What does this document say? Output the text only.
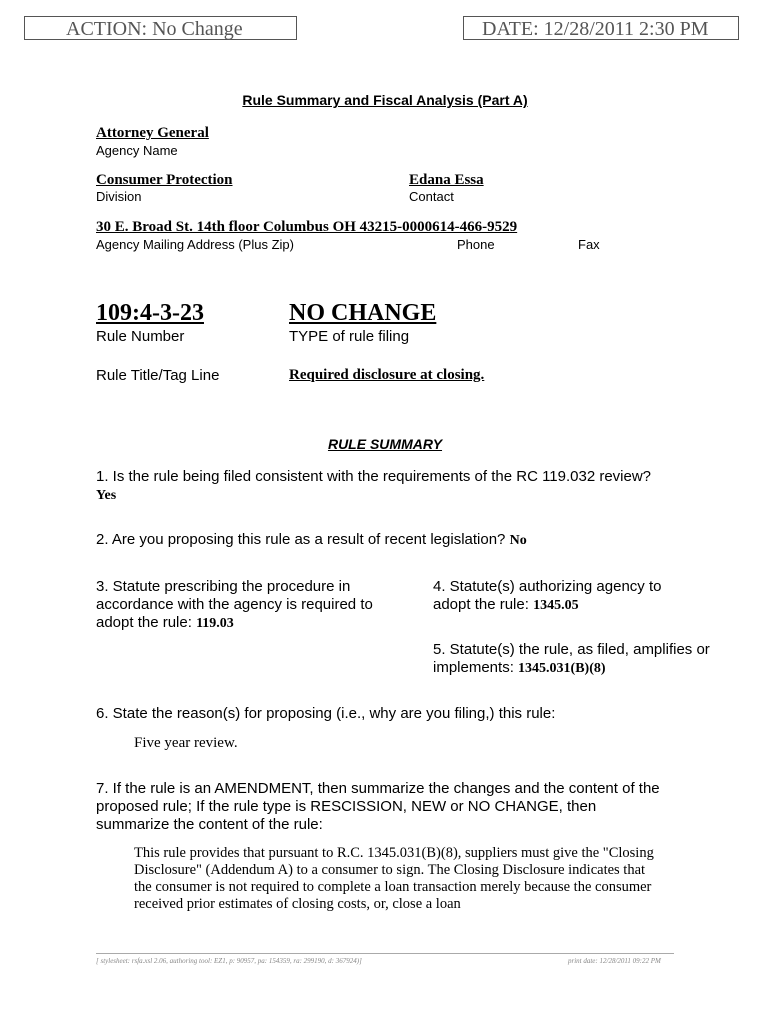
ACTION: No Change	DATE: 12/28/2011 2:30 PM
Rule Summary and Fiscal Analysis (Part A)
Attorney General
Agency Name
Consumer Protection
Division
Edana Essa
Contact
30 E. Broad St. 14th floor Columbus OH 43215-0000614-466-9529
Agency Mailing Address (Plus Zip)	Phone	Fax
109:4-3-23
Rule Number
NO CHANGE
TYPE of rule filing
Rule Title/Tag Line	Required disclosure at closing.
RULE SUMMARY
1. Is the rule being filed consistent with the requirements of the RC 119.032 review? Yes
2. Are you proposing this rule as a result of recent legislation? No
3. Statute prescribing the procedure in accordance with the agency is required to adopt the rule: 119.03
4. Statute(s) authorizing agency to adopt the rule: 1345.05
5. Statute(s) the rule, as filed, amplifies or implements: 1345.031(B)(8)
6. State the reason(s) for proposing (i.e., why are you filing,) this rule:
Five year review.
7. If the rule is an AMENDMENT, then summarize the changes and the content of the proposed rule; If the rule type is RESCISSION, NEW or NO CHANGE, then summarize the content of the rule:
This rule provides that pursuant to R.C. 1345.031(B)(8), suppliers must give the "Closing Disclosure" (Addendum A) to a consumer to sign. The Closing Disclosure indicates that the consumer is not required to complete a loan transaction merely because the consumer received prior estimates of closing costs, or, close a loan
[ stylesheet: rsfa.xsl 2.06, authoring tool: EZ1, p: 90957, pa: 154359, ra: 299190, d: 367924)]	print date: 12/28/2011 09:22 PM
